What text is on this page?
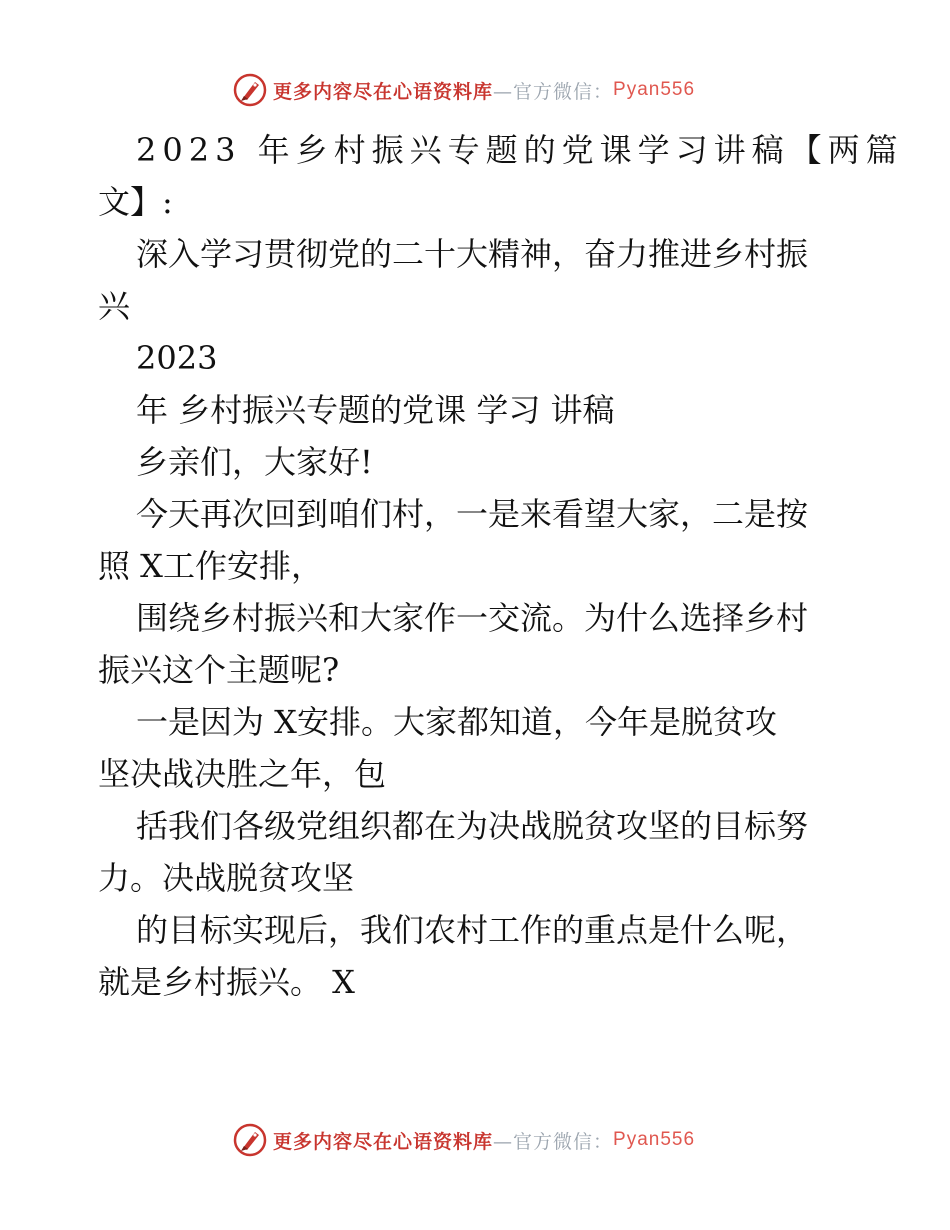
更多内容尽在心语资料库 —官方微信： Pyan556
2023 年乡村振兴专题的党课学习讲稿【两篇
文】:
深入学习贯彻党的二十大精神，奋力推进乡村振
兴
2023
年 乡村振兴专题的党课 学习 讲稿
乡亲们，大家好!
今天再次回到咱们村，一是来看望大家，二是按
照 X工作安排，
围绕乡村振兴和大家作一交流。为什么选择乡村
振兴这个主题呢?
一是因为 X安排。大家都知道，今年是脱贫攻
坚决战决胜之年，包
括我们各级党组织都在为决战脱贫攻坚的目标努
力。决战脱贫攻坚
的目标实现后，我们农村工作的重点是什么呢，
就是乡村振兴。 X
更多内容尽在心语资料库 —官方微信： Pyan556
